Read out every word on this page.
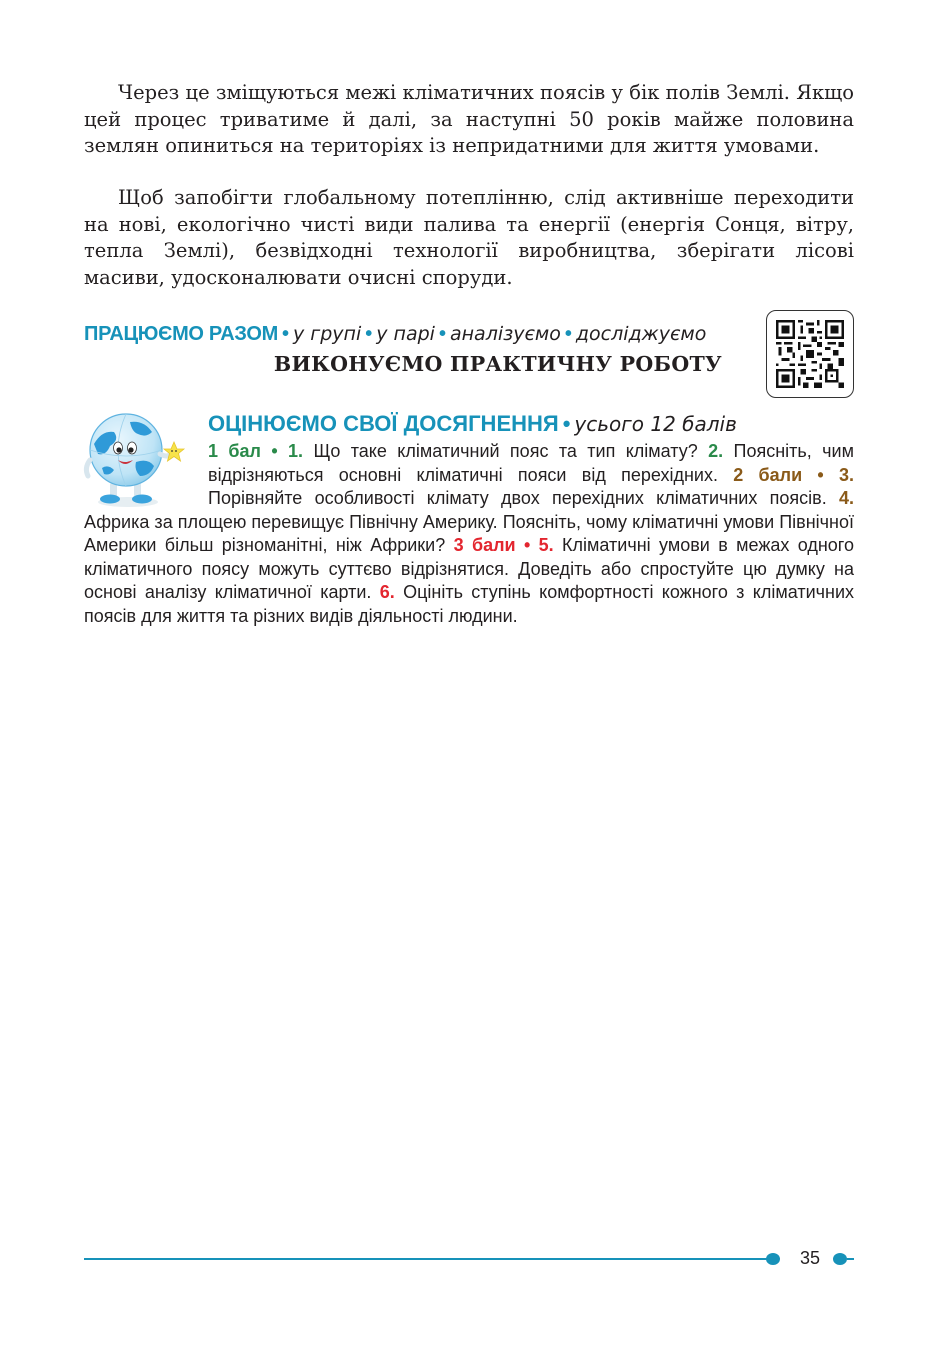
Через це зміщуються межі кліматичних поясів у бік полів Землі. Якщо цей процес триватиме й далі, за наступні 50 років майже половина землян опиниться на територіях із непридатними для життя умовами.

Щоб запобігти глобальному потеплінню, слід активніше переходити на нові, екологічно чисті види палива та енергії (енергія Сонця, вітру, тепла Землі), безвідходні технології виробництва, зберігати лісові масиви, удосконалювати очисні споруди.

ПРАЦЮЄМО РАЗОМ • у групі • у парі • аналізуємо • досліджуємо
ВИКОНУЄМО ПРАКТИЧНУ РОБОТУ
ОЦІНЮЄМО СВОЇ ДОСЯГНЕННЯ • усього 12 балів

1 бал • 1. Що таке кліматичний пояс та тип клімату? 2. Поясніть, чим відрізняються основні кліматичні пояси від перехідних. 2 бали • 3. Порівняйте особливості клімату двох перехідних кліматичних поясів. 4. Африка за площею перевищує Північну Америку. Поясніть, чому кліматичні умови Північної Америки більш різноманітні, ніж Африки? 3 бали • 5. Кліматичні умови в межах одного кліматичного поясу можуть суттєво відрізнятися. Доведіть або спростуйте цю думку на основі аналізу кліматичної карти. 6. Оцініть ступінь комфортності кожного з кліматичних поясів для життя та різних видів діяльності людини.

35
